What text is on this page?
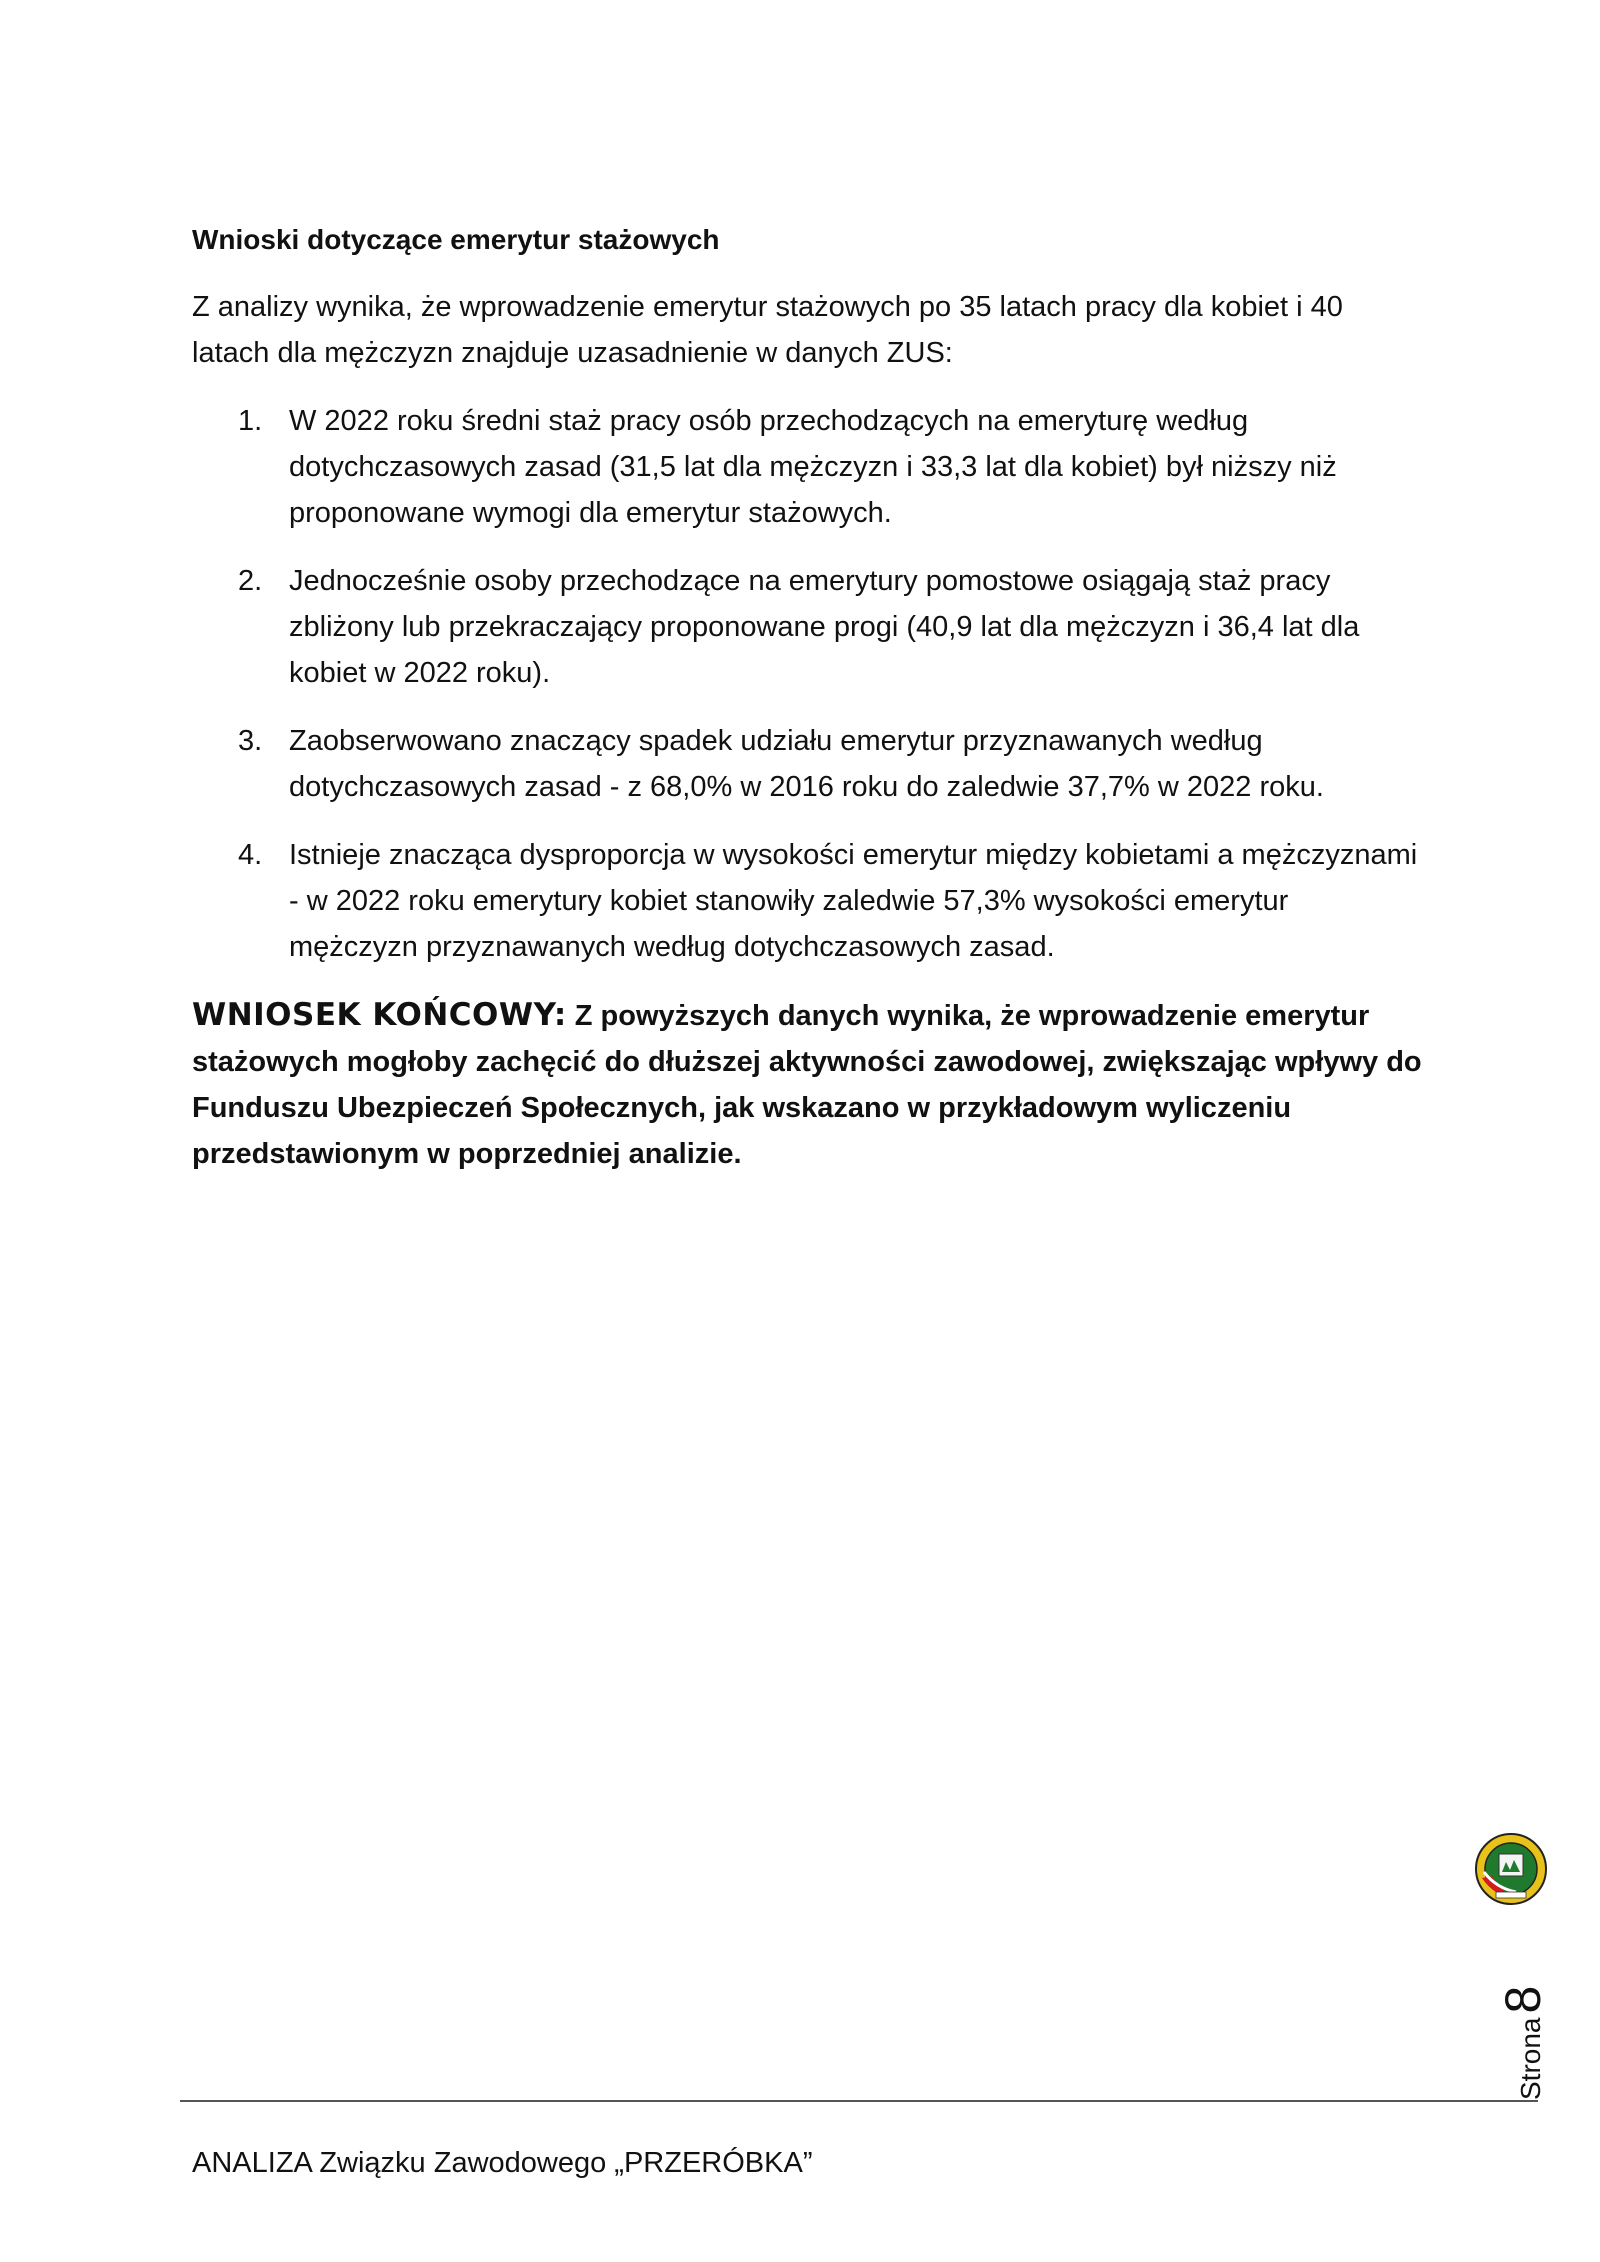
Wnioski dotyczące emerytur stażowych

Z analizy wynika, że wprowadzenie emerytur stażowych po 35 latach pracy dla kobiet i 40 latach dla mężczyzn znajduje uzasadnienie w danych ZUS:

1. W 2022 roku średni staż pracy osób przechodzących na emeryturę według dotychczasowych zasad (31,5 lat dla mężczyzn i 33,3 lat dla kobiet) był niższy niż proponowane wymogi dla emerytur stażowych.
2. Jednocześnie osoby przechodzące na emerytury pomostowe osiągają staż pracy zbliżony lub przekraczający proponowane progi (40,9 lat dla mężczyzn i 36,4 lat dla kobiet w 2022 roku).
3. Zaobserwowano znaczący spadek udziału emerytur przyznawanych według dotychczasowych zasad - z 68,0% w 2016 roku do zaledwie 37,7% w 2022 roku.
4. Istnieje znacząca dysproporcja w wysokości emerytur między kobietami a mężczyznami - w 2022 roku emerytury kobiet stanowiły zaledwie 57,3% wysokości emerytur mężczyzn przyznawanych według dotychczasowych zasad.

WNIOSEK KOŃCOWY: Z powyższych danych wynika, że wprowadzenie emerytur stażowych mogłoby zachęcić do dłuższej aktywności zawodowej, zwiększając wpływy do Funduszu Ubezpieczeń Społecznych, jak wskazano w przykładowym wyliczeniu przedstawionym w poprzedniej analizie.

Strona
8
ANALIZA Związku Zawodowego „PRZERÓBKA”
